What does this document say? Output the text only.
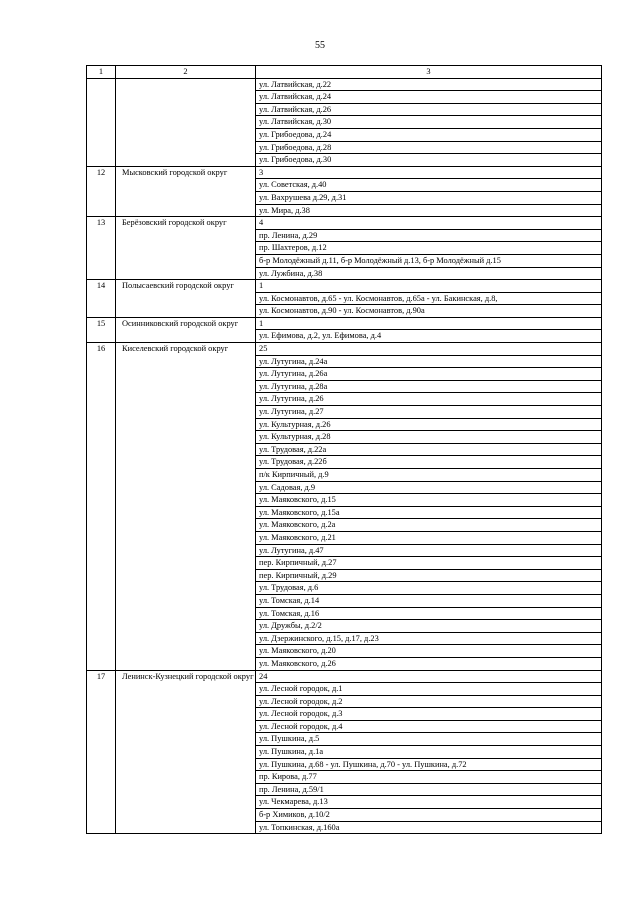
55
1	2	3
		ул. Латвийская, д.22
		ул. Латвийская, д.24
		ул. Латвийская, д.26
		ул. Латвийская, д.30
		ул. Грибоедова, д.24
		ул. Грибоедова, д.28
		ул. Грибоедова, д.30
12	Мысковский городской округ	3
		ул. Советская, д.40
		ул. Вахрушева д.29, д.31
		ул. Мира, д.38
13	Берёзовский городской округ	4
		пр. Ленина, д.29
		пр. Шахтеров, д.12
		б-р Молодёжный д.11, б-р Молодёжный д.13, б-р Молодёжный д.15
		ул. Лужбина, д.38
14	Полысаевский городской округ	1
		ул. Космонавтов, д.65 - ул. Космонавтов, д.65а - ул. Бакинская, д.8,
		ул. Космонавтов, д.90 - ул. Космонавтов, д.90а
15	Осинниковский городской округ	1
		ул. Ефимова, д.2, ул. Ефимова, д.4
16	Киселевский городской округ	25
		ул. Лутугина, д.24а
		ул. Лутугина, д.26а
		ул. Лутугина, д.28а
		ул. Лутугина, д.26
		ул. Лутугина, д.27
		ул. Культурная, д.26
		ул. Культурная, д.28
		ул. Трудовая, д.22а
		ул. Трудовая, д.22б
		п/к Кирпичный, д.9
		ул. Садовая, д.9
		ул. Маяковского, д.15
		ул. Маяковского, д.15а
		ул. Маяковского, д.2а
		ул. Маяковского, д.21
		ул. Лутугина, д.47
		пер. Кирпичный, д.27
		пер. Кирпичный, д.29
		ул. Трудовая, д.6
		ул. Томская, д.14
		ул. Томская, д.16
		ул. Дружбы, д.2/2
		ул. Дзержинского, д.15, д.17, д.23
		ул. Маяковского, д.20
		ул. Маяковского, д.26
17	Ленинск-Кузнецкий городской округ	24
		ул. Лесной городок, д.1
		ул. Лесной городок, д.2
		ул. Лесной городок, д.3
		ул. Лесной городок, д.4
		ул. Пушкина, д.5
		ул. Пушкина, д.1а
		ул. Пушкина, д.68 - ул. Пушкина, д.70 - ул. Пушкина, д.72
		пр. Кирова, д.77
		пр. Ленина, д.59/1
		ул. Чекмарева, д.13
		б-р Химиков, д.10/2
		ул. Топкинская, д.160а
